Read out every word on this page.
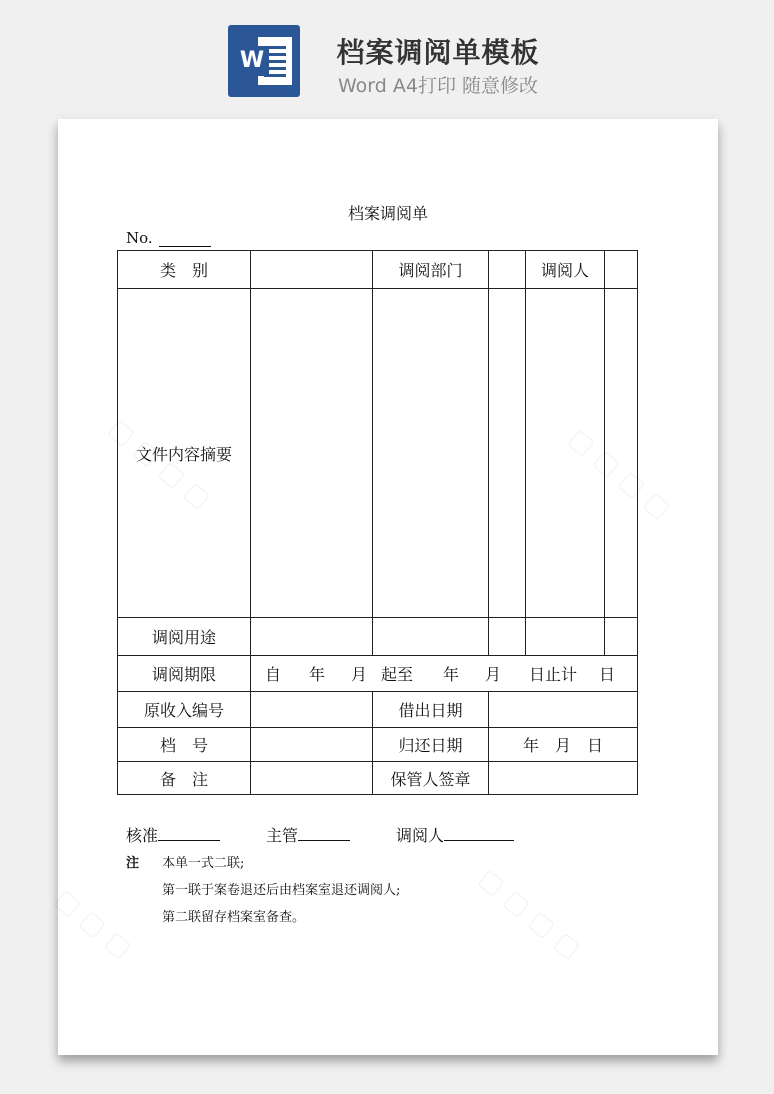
W	档案调阅单模板
Word A4打印 随意修改
档案调阅单
No.
类　别		调阅部门		调阅人	
文件内容摘要					
调阅用途					
调阅期限	自 年 月 起至 年 月 日止计 日				
原收入编号		借出日期			
档　号		归还日期	年　月　日		
备　注		保管人签章			
核准	主管	调阅人
注 本单一式二联;
第一联于案卷退还后由档案室退还调阅人;
第二联留存档案室备查。
